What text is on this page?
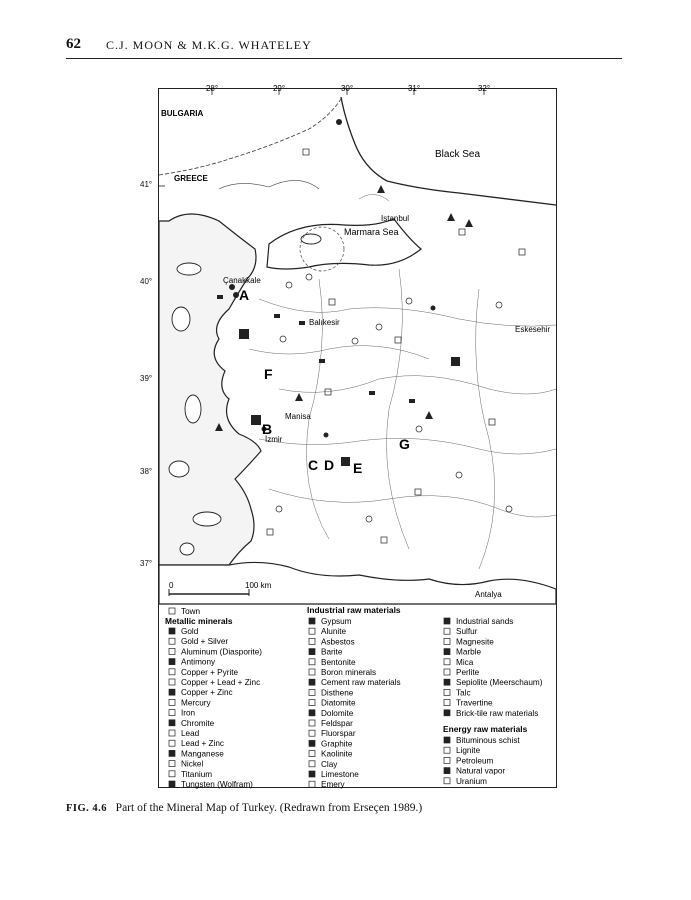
62 C.J. MOON & M.K.G. WHATELEY
28°	29°	30°	31°	32°
BULGARIA
GREECE
Black Sea
Marmara Sea
Istanbul
Çanakkale
Balıkesir
Eskesehir
Manisa
İzmir
Antalya
A
B
C D E
F
G
0	100 km
Town
Metallic minerals
Gold
Gold + Silver
Aluminum (Diasporite)
Antimony
Copper + Pyrite
Copper + Lead + Zinc
Copper + Zinc
Mercury
Iron
Chromite
Lead
Lead + Zinc
Manganese
Nickel
Titanium
Tungsten (Wolfram)
Industrial raw materials
Gypsum
Alunite
Asbestos
Barite
Bentonite
Boron minerals
Cement raw materials
Disthene
Diatomite
Dolomite
Feldspar
Fluorspar
Graphite
Kaolinite
Clay
Limestone
Emery
Industrial sands
Sulfur
Magnesite
Marble
Mica
Perlite
Sepiolite (Meerschaum)
Talc
Travertine
Brick-tile raw materials
Energy raw materials
Bituminous schist
Lignite
Petroleum
Natural vapor
Uranium
41°
40°
39°
38°
37°
FIG. 4.6 Part of the Mineral Map of Turkey. (Redrawn from Erseçen 1989.)
